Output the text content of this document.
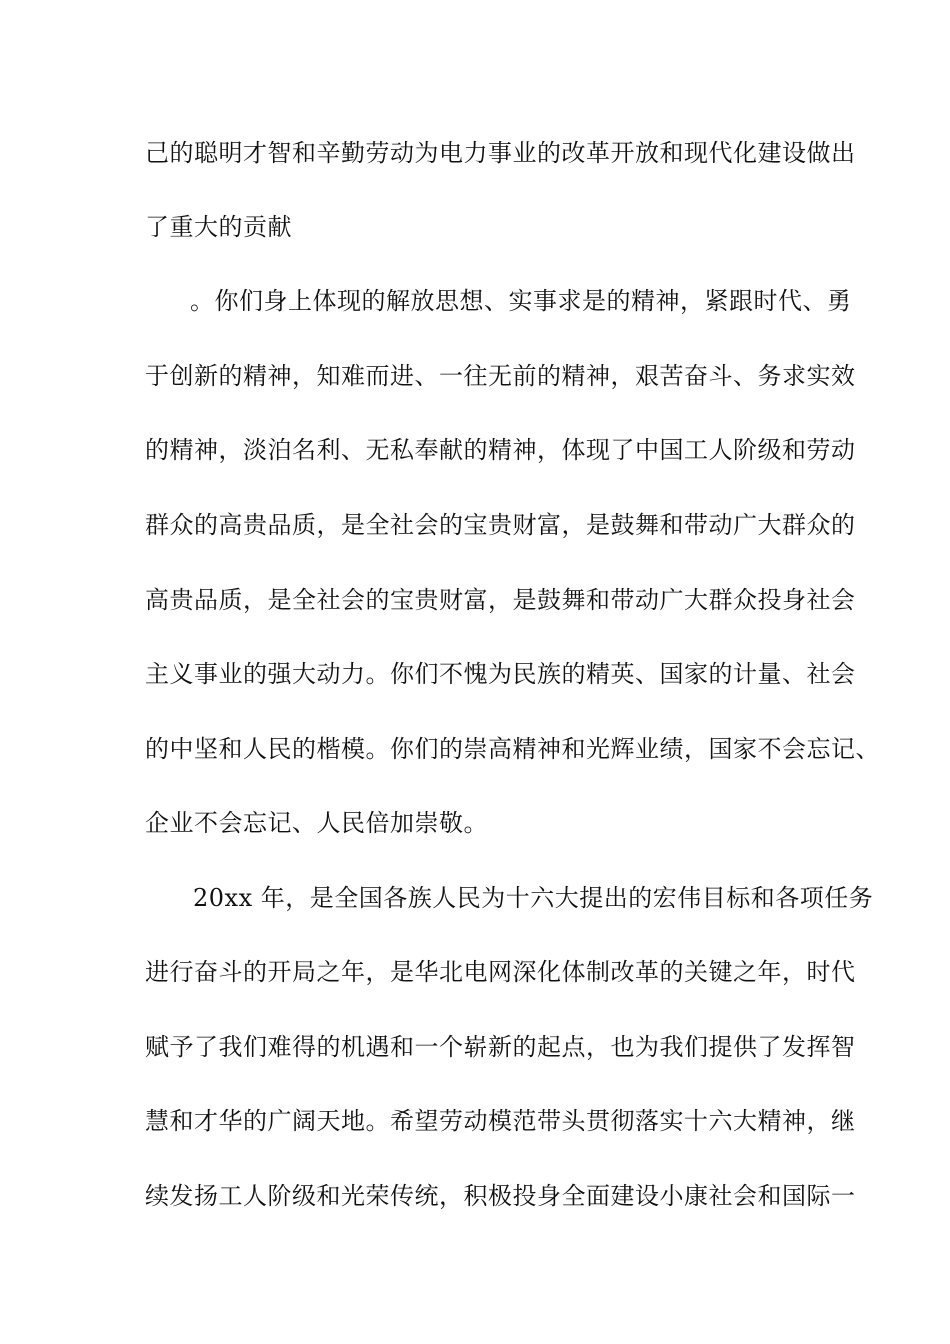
己的聪明才智和辛勤劳动为电力事业的改革开放和现代化建设做出
了重大的贡献
。你们身上体现的解放思想、实事求是的精神，紧跟时代、勇
于创新的精神，知难而进、一往无前的精神，艰苦奋斗、务求实效
的精神，淡泊名利、无私奉献的精神，体现了中国工人阶级和劳动
群众的高贵品质，是全社会的宝贵财富，是鼓舞和带动广大群众的
高贵品质，是全社会的宝贵财富，是鼓舞和带动广大群众投身社会
主义事业的强大动力。你们不愧为民族的精英、国家的计量、社会
的中坚和人民的楷模。你们的崇高精神和光辉业绩，国家不会忘记、
企业不会忘记、人民倍加崇敬。
20xx 年，是全国各族人民为十六大提出的宏伟目标和各项任务
进行奋斗的开局之年，是华北电网深化体制改革的关键之年，时代
赋予了我们难得的机遇和一个崭新的起点，也为我们提供了发挥智
慧和才华的广阔天地。希望劳动模范带头贯彻落实十六大精神，继
续发扬工人阶级和光荣传统，积极投身全面建设小康社会和国际一
